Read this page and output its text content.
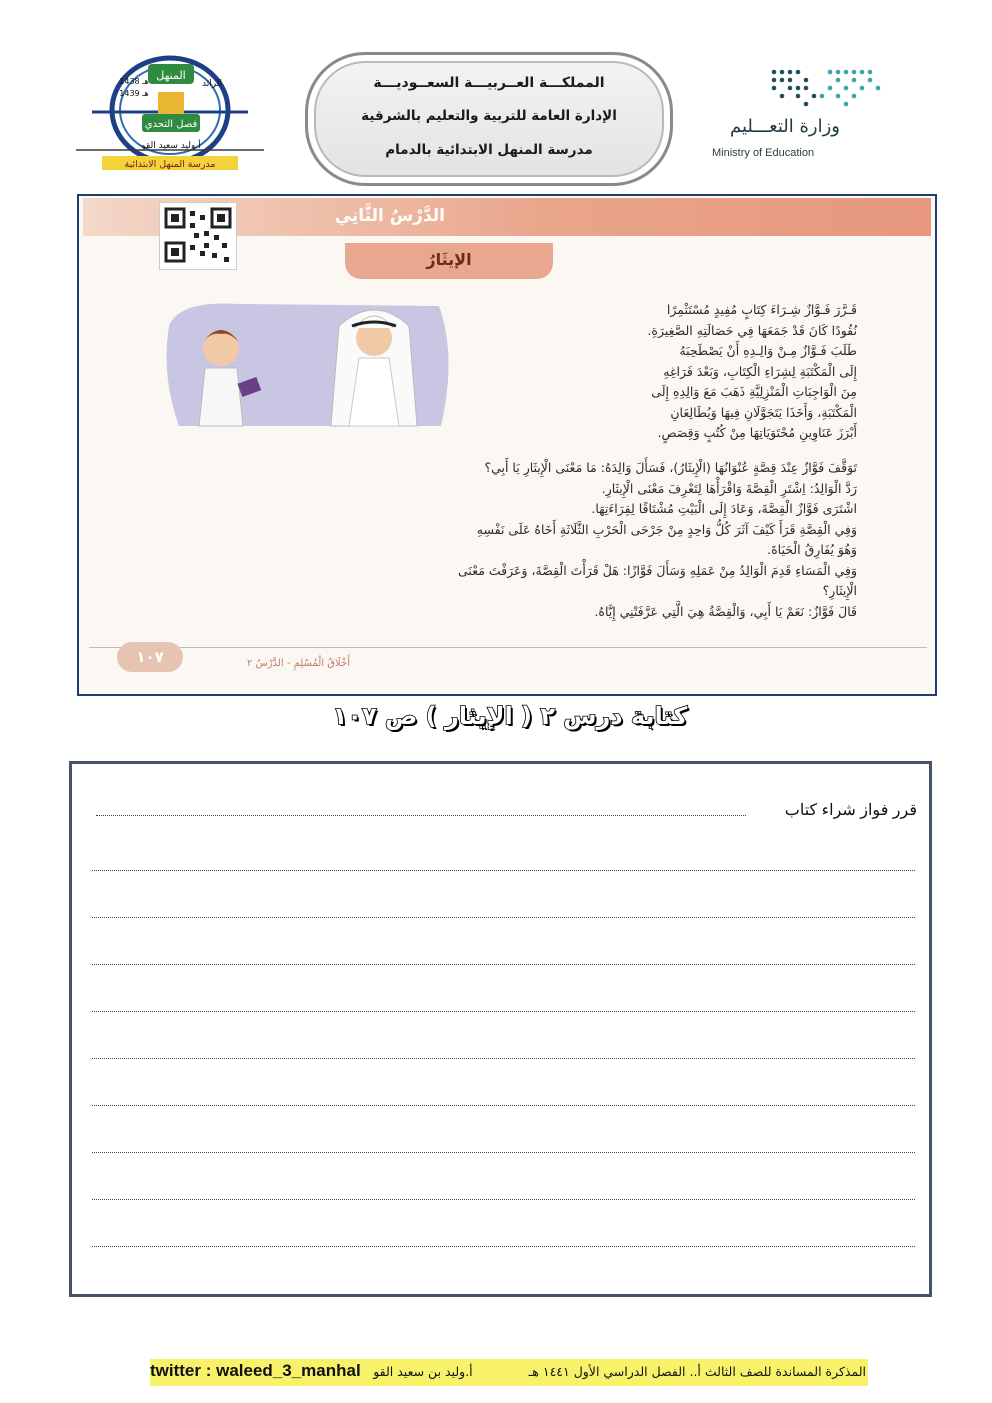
المنهل
1438 هـ
1439 هـ
الرائد
فصل التحدي
أ.وليد سعيد القو
مدرسة المنهل الابتدائية
المملكـــة العــربيـــة السعــوديـــة
الإدارة العامة للتربية والتعليم بالشرقية
مدرسة المنهل الابتدائية بالدمام
وزارة التعـــليم
Ministry of Education
الدَّرْسُ الثَّانِي
الإيثَارُ
قَـرَّرَ فَـوَّازٌ شِـرَاءَ كِتَابٍ مُفِيدٍ مُسْتَثْمِرًا
نُقُودًا كَانَ قَدْ جَمَعَهَا فِي حَصَالَتِهِ الصَّغِيرَةِ.
طَلَبَ فَـوَّازٌ مِـنْ وَالِـدِهِ أَنْ يَصْطَحِبَهُ
إِلَى الْمَكْتَبَةِ لِشِرَاءِ الْكِتَابِ، وَبَعْدَ فَرَاغِهِ
مِنَ الْوَاجِبَاتِ الْمَنْزِلِيَّةِ ذَهَبَ مَعَ وَالِدِهِ إِلَى
الْمَكْتَبَةِ، وَأَخَذَا يَتَجَوَّلَانِ فِيهَا وَيُطَالِعَانِ
أَبْرَزَ عَنَاوِينِ مُحْتَوَيَاتِهَا مِنْ كُتُبٍ وَقِصَصٍ.
تَوَقَّفَ فَوَّازٌ عِنْدَ قِصَّةٍ عُنْوَانُهَا (الْإِيثَارُ)، فَسَأَلَ وَالِدَهُ: مَا مَعْنَى الْإِيثَارِ يَا أَبِي؟
رَدَّ الْوَالِدُ: اِشْتَرِ الْقِصَّةَ وَاقْرَأْهَا لِتَعْرِفَ مَعْنَى الْإِيثَارِ.
اشْتَرَى فَوَّازٌ الْقِصَّةَ، وَعَادَ إِلَى الْبَيْتِ مُشْتَاقًا لِقِرَاءَتِهَا.
وَفِي الْقِصَّةِ قَرَأَ كَيْفَ آثَرَ كُلُّ وَاحِدٍ مِنْ جَرْحَى الْحَرْبِ الثَّلَاثَةِ أَخَاهُ عَلَى نَفْسِهِ
وَهُوَ يُفَارِقُ الْحَيَاةَ.
وَفِي الْمَسَاءِ قَدِمَ الْوَالِدُ مِنْ عَمَلِهِ وَسَأَلَ فَوَّازًا: هَلْ قَرَأْتَ الْقِصَّةَ، وَعَرَفْتَ مَعْنَى
الْإِيثَارِ؟
قَالَ فَوَّازٌ: نَعَمْ يَا أَبِي، وَالْقِصَّةُ هِيَ الَّتِي عَرَّفَتْنِي إِيَّاهُ.
١٠٧	أَخْلَاقُ الْمُسْلِمِ - الدَّرْسُ ٢
كتابة درس ٢ ( الإيثار ) ص ١٠٧
قرر فواز شراء كتاب
twitter : waleed_3_manhal	المذكرة المساندة للصف الثالث أ.. الفصل الدراسي الأول ١٤٤١ هـ  أ.وليد بن سعيد القو
